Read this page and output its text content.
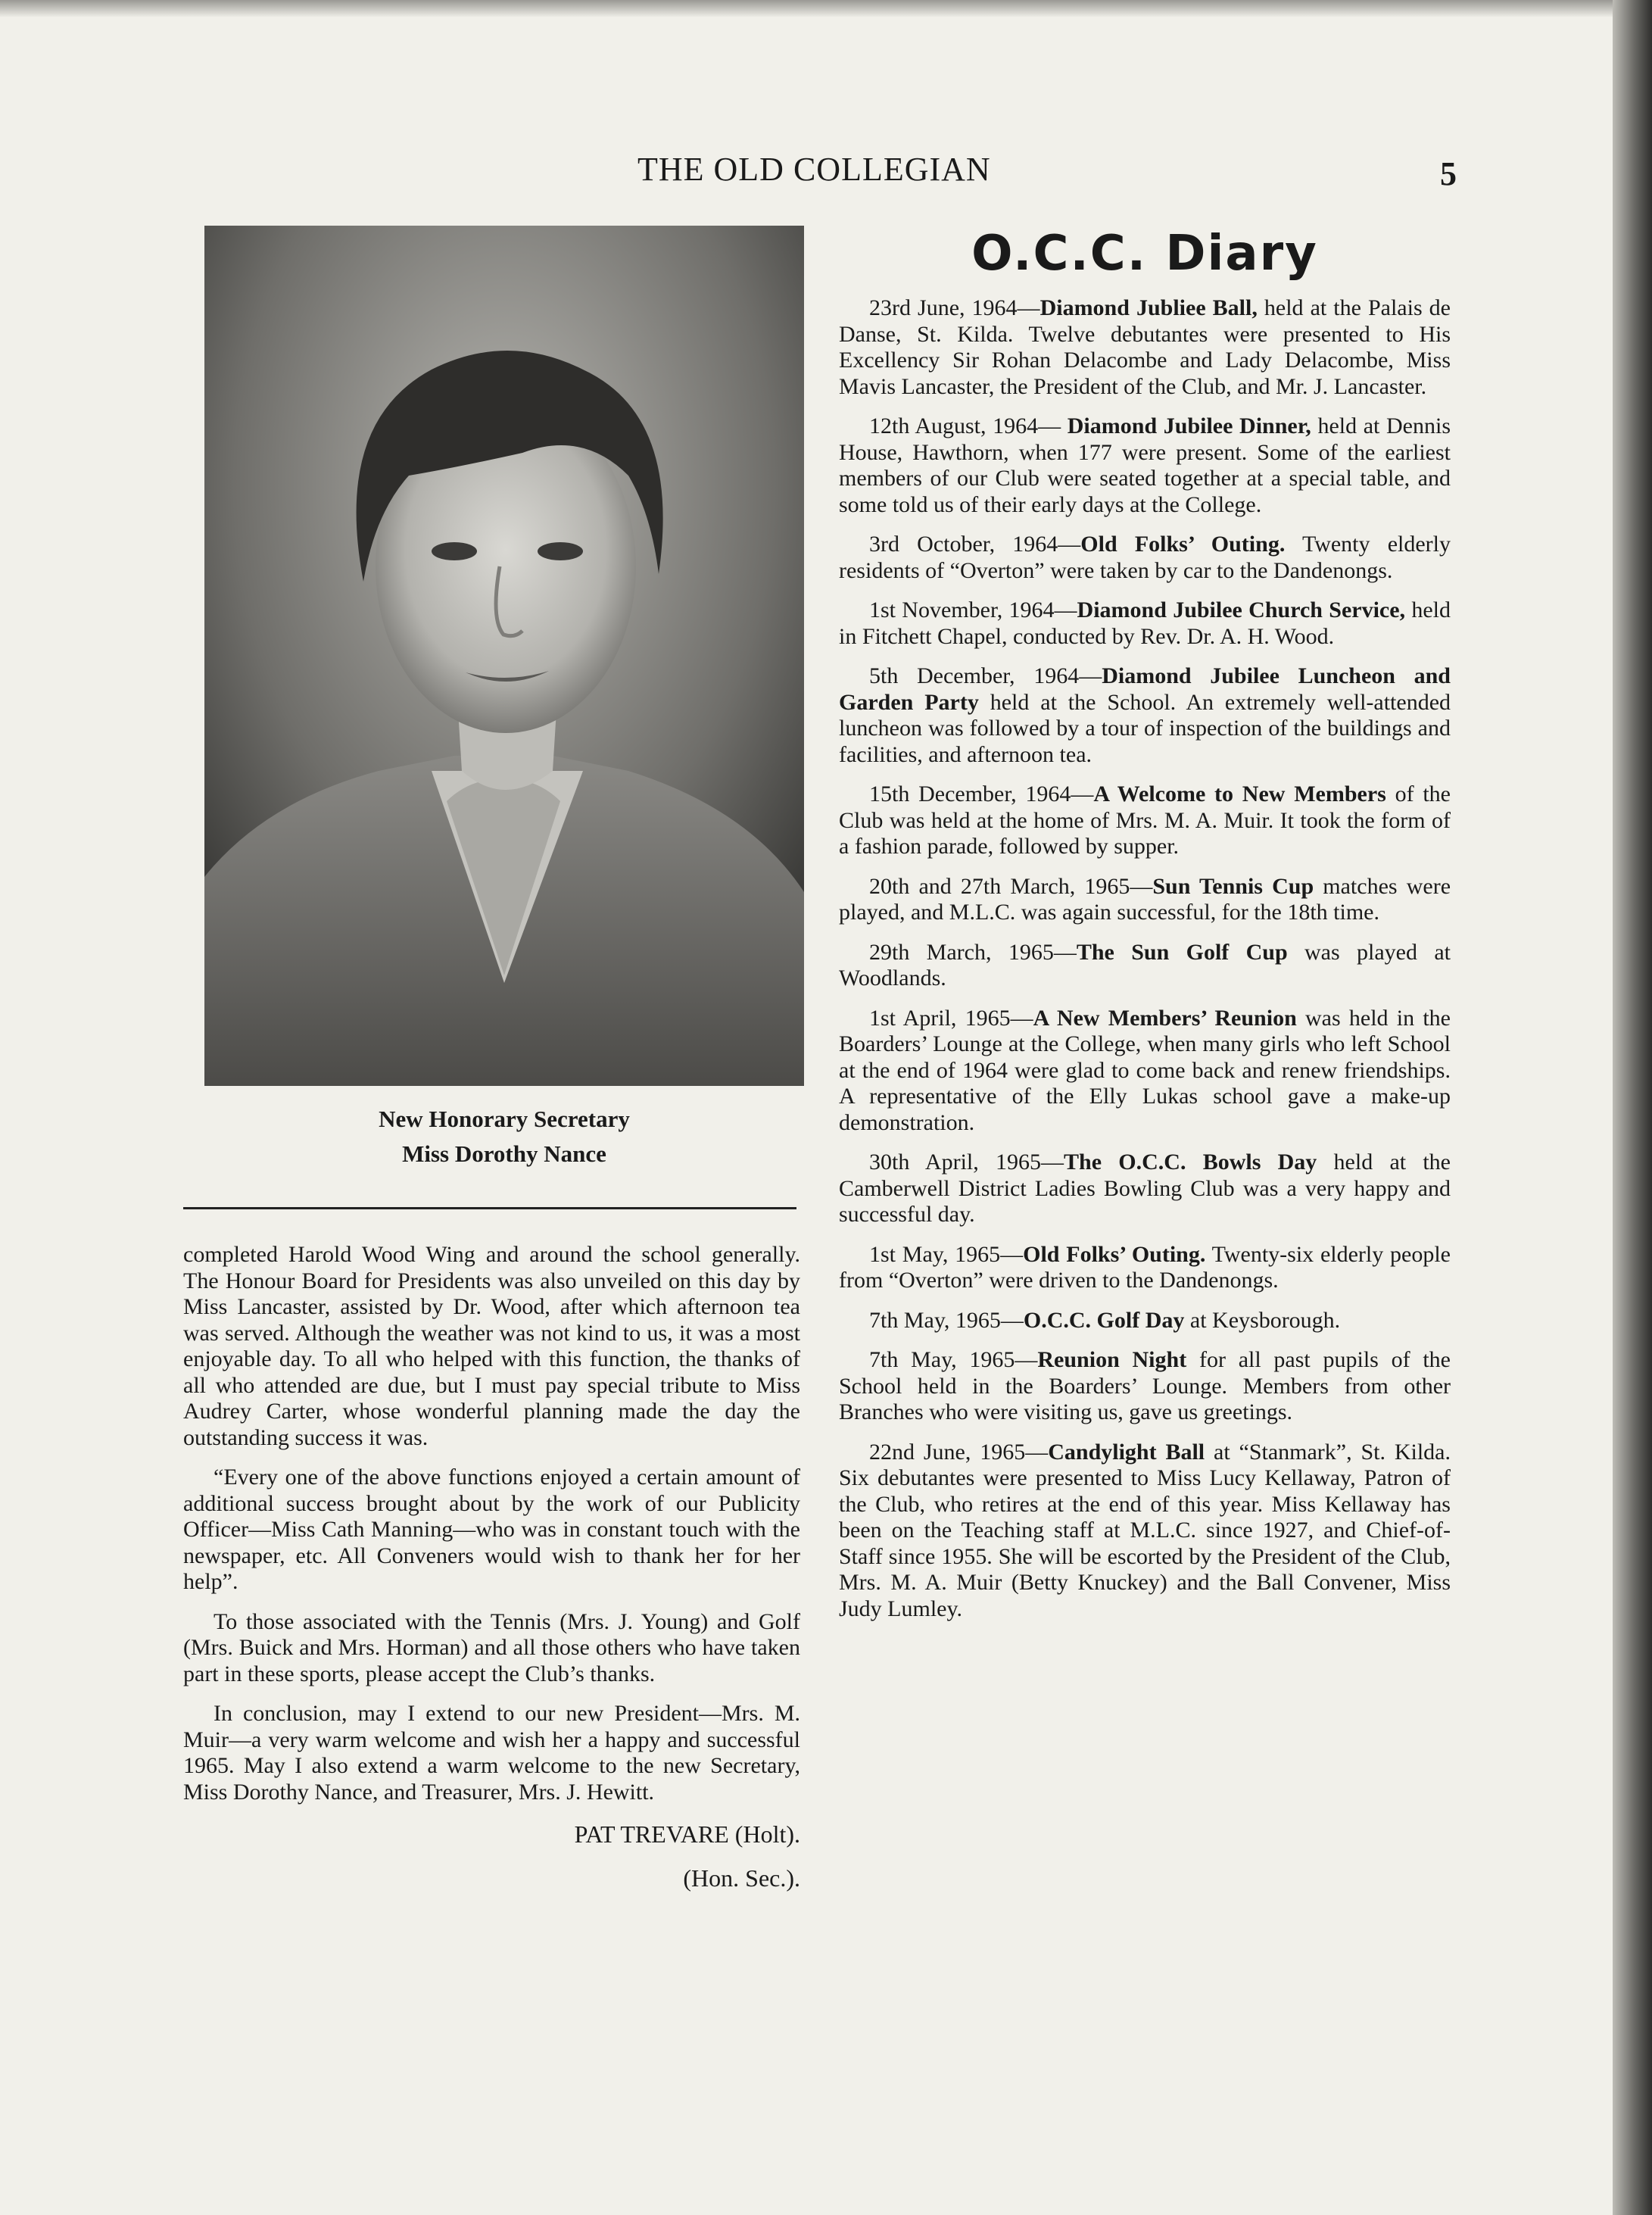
THE OLD COLLEGIAN	5
New Honorary Secretary
Miss Dorothy Nance

completed Harold Wood Wing and around the school generally. The Honour Board for Presidents was also unveiled on this day by Miss Lancaster, assisted by Dr. Wood, after which afternoon tea was served. Although the weather was not kind to us, it was a most enjoyable day. To all who helped with this function, the thanks of all who attended are due, but I must pay special tribute to Miss Audrey Carter, whose wonderful planning made the day the outstanding success it was.

“Every one of the above functions enjoyed a certain amount of additional success brought about by the work of our Publicity Officer—Miss Cath Manning—who was in constant touch with the newspaper, etc. All Conveners would wish to thank her for her help”.

To those associated with the Tennis (Mrs. J. Young) and Golf (Mrs. Buick and Mrs. Horman) and all those others who have taken part in these sports, please accept the Club’s thanks.

In conclusion, may I extend to our new President—Mrs. M. Muir—a very warm welcome and wish her a happy and successful 1965. May I also extend a warm welcome to the new Secretary, Miss Dorothy Nance, and Treasurer, Mrs. J. Hewitt.

PAT TREVARE (Holt).

(Hon. Sec.).

O.C.C. Diary

23rd June, 1964—Diamond Jubliee Ball, held at the Palais de Danse, St. Kilda. Twelve debutantes were presented to His Excellency Sir Rohan Delacombe and Lady Delacombe, Miss Mavis Lancaster, the President of the Club, and Mr. J. Lancaster.

12th August, 1964— Diamond Jubilee Dinner, held at Dennis House, Hawthorn, when 177 were present. Some of the earliest members of our Club were seated together at a special table, and some told us of their early days at the College.

3rd October, 1964—Old Folks’ Outing. Twenty elderly residents of “Overton” were taken by car to the Dandenongs.

1st November, 1964—Diamond Jubilee Church Service, held in Fitchett Chapel, conducted by Rev. Dr. A. H. Wood.

5th December, 1964—Diamond Jubilee Luncheon and Garden Party held at the School. An extremely well-attended luncheon was followed by a tour of inspection of the buildings and facilities, and afternoon tea.

15th December, 1964—A Welcome to New Members of the Club was held at the home of Mrs. M. A. Muir. It took the form of a fashion parade, followed by supper.

20th and 27th March, 1965—Sun Tennis Cup matches were played, and M.L.C. was again successful, for the 18th time.

29th March, 1965—The Sun Golf Cup was played at Woodlands.

1st April, 1965—A New Members’ Reunion was held in the Boarders’ Lounge at the College, when many girls who left School at the end of 1964 were glad to come back and renew friendships. A representative of the Elly Lukas school gave a make-up demonstration.

30th April, 1965—The O.C.C. Bowls Day held at the Camberwell District Ladies Bowling Club was a very happy and successful day.

1st May, 1965—Old Folks’ Outing. Twenty-six elderly people from “Overton” were driven to the Dandenongs.

7th May, 1965—O.C.C. Golf Day at Keysborough.

7th May, 1965—Reunion Night for all past pupils of the School held in the Boarders’ Lounge. Members from other Branches who were visiting us, gave us greetings.

22nd June, 1965—Candylight Ball at “Stanmark”, St. Kilda. Six debutantes were presented to Miss Lucy Kellaway, Patron of the Club, who retires at the end of this year. Miss Kellaway has been on the Teaching staff at M.L.C. since 1927, and Chief-of-Staff since 1955. She will be escorted by the President of the Club, Mrs. M. A. Muir (Betty Knuckey) and the Ball Convener, Miss Judy Lumley.
